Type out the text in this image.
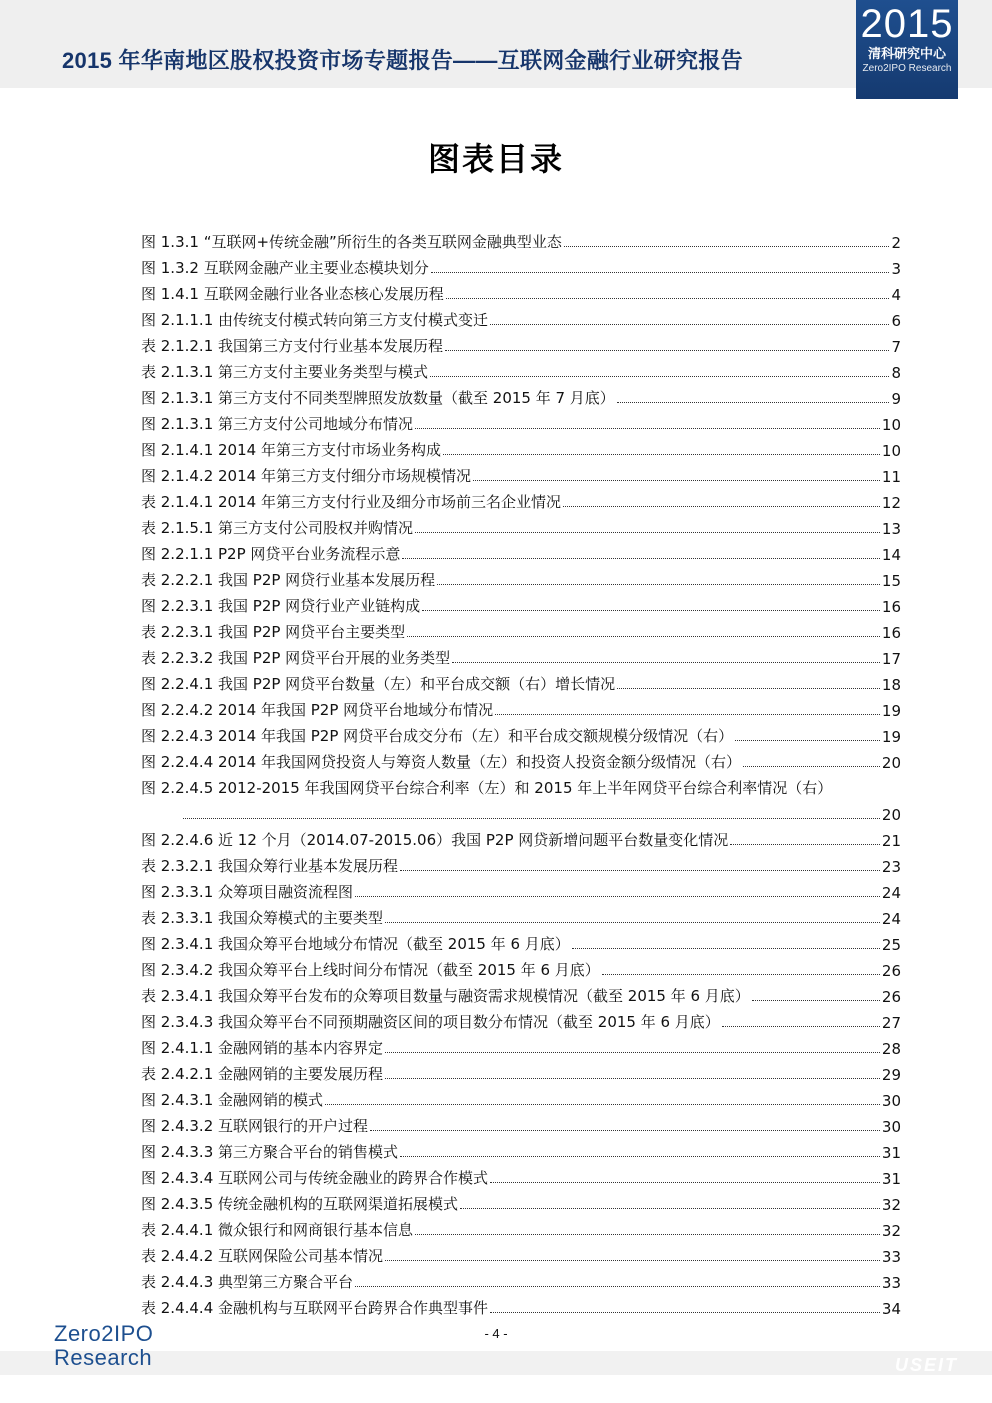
2015 年华南地区股权投资市场专题报告——互联网金融行业研究报告
2015
清科研究中心
Zero2IPO Research
图表目录
图 1.3.1 “互联网+传统金融”所衍生的各类互联网金融典型业态	2
图 1.3.2 互联网金融产业主要业态模块划分	3
图 1.4.1 互联网金融行业各业态核心发展历程	4
图 2.1.1.1 由传统支付模式转向第三方支付模式变迁	6
表 2.1.2.1 我国第三方支付行业基本发展历程	7
表 2.1.3.1 第三方支付主要业务类型与模式	8
图 2.1.3.1 第三方支付不同类型牌照发放数量（截至 2015 年 7 月底）	9
图 2.1.3.1 第三方支付公司地域分布情况	10
图 2.1.4.1 2014 年第三方支付市场业务构成	10
图 2.1.4.2 2014 年第三方支付细分市场规模情况	11
表 2.1.4.1 2014 年第三方支付行业及细分市场前三名企业情况	12
表 2.1.5.1 第三方支付公司股权并购情况	13
图 2.2.1.1 P2P 网贷平台业务流程示意	14
表 2.2.2.1 我国 P2P 网贷行业基本发展历程	15
图 2.2.3.1 我国 P2P 网贷行业产业链构成	16
表 2.2.3.1 我国 P2P 网贷平台主要类型	16
表 2.2.3.2 我国 P2P 网贷平台开展的业务类型	17
图 2.2.4.1 我国 P2P 网贷平台数量（左）和平台成交额（右）增长情况	18
图 2.2.4.2 2014 年我国 P2P 网贷平台地域分布情况	19
图 2.2.4.3 2014 年我国 P2P 网贷平台成交分布（左）和平台成交额规模分级情况（右）	19
图 2.2.4.4 2014 年我国网贷投资人与筹资人数量（左）和投资人投资金额分级情况（右）	20
图 2.2.4.5 2012-2015 年我国网贷平台综合利率（左）和 2015 年上半年网贷平台综合利率情况（右）
20
图 2.2.4.6 近 12 个月（2014.07-2015.06）我国 P2P 网贷新增问题平台数量变化情况	21
表 2.3.2.1 我国众筹行业基本发展历程	23
图 2.3.3.1 众筹项目融资流程图	24
表 2.3.3.1 我国众筹模式的主要类型	24
图 2.3.4.1 我国众筹平台地域分布情况（截至 2015 年 6 月底）	25
图 2.3.4.2 我国众筹平台上线时间分布情况（截至 2015 年 6 月底）	26
表 2.3.4.1 我国众筹平台发布的众筹项目数量与融资需求规模情况（截至 2015 年 6 月底）	26
图 2.3.4.3 我国众筹平台不同预期融资区间的项目数分布情况（截至 2015 年 6 月底）	27
图 2.4.1.1 金融网销的基本内容界定	28
表 2.4.2.1 金融网销的主要发展历程	29
图 2.4.3.1 金融网销的模式	30
图 2.4.3.2 互联网银行的开户过程	30
图 2.4.3.3 第三方聚合平台的销售模式	31
图 2.4.3.4 互联网公司与传统金融业的跨界合作模式	31
图 2.4.3.5 传统金融机构的互联网渠道拓展模式	32
表 2.4.4.1 微众银行和网商银行基本信息	32
表 2.4.4.2 互联网保险公司基本情况	33
表 2.4.4.3 典型第三方聚合平台	33
表 2.4.4.4 金融机构与互联网平台跨界合作典型事件	34
Zero2IPO
Research
- 4 -
USEIT
